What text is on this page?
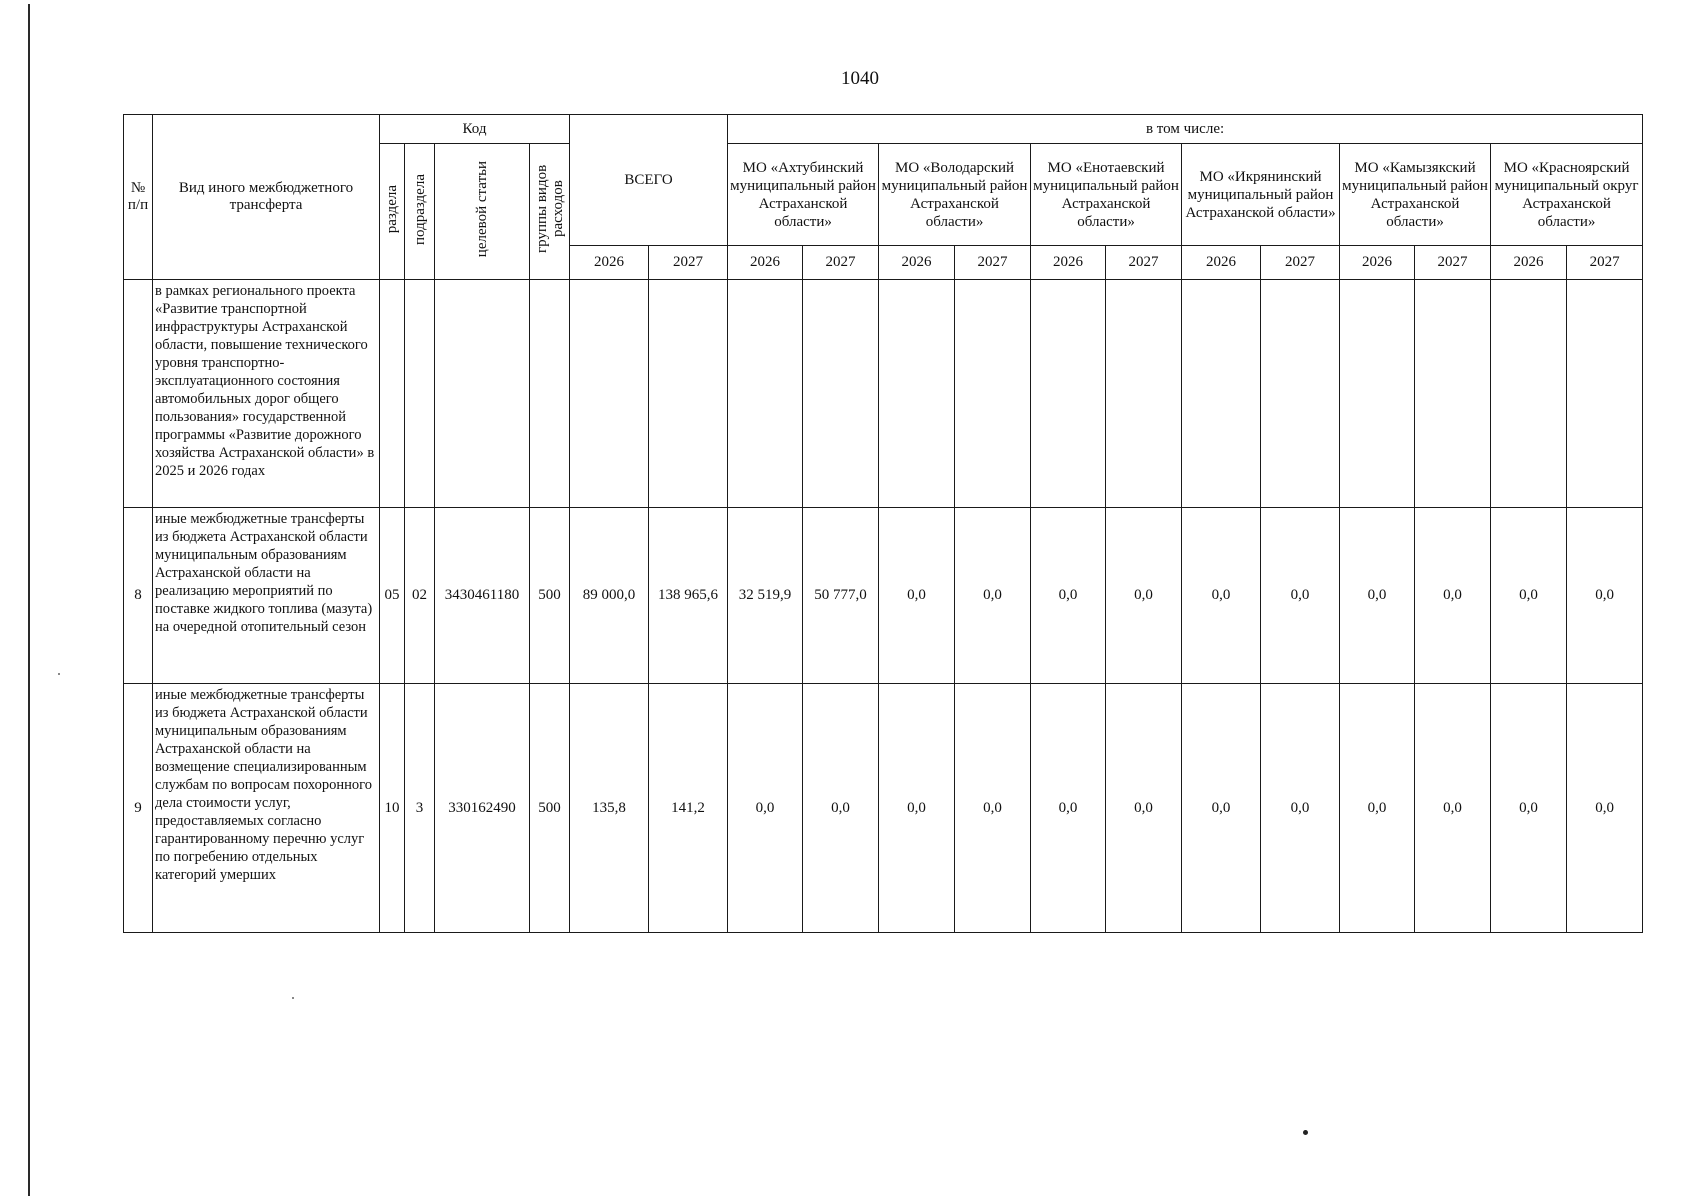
1040
№ п/п	Вид иного межбюджетного трансферта	Код				ВСЕГО		в том числе:											
		раздела	подраздела	целевой статьи	группы видов расходов			МО «Ахтубинский муниципальный район Астраханской области»		МО «Володарский муниципальный район Астраханской области»		МО «Енотаевский муниципальный район Астраханской области»		МО «Икрянинский муниципальный район Астраханской области»		МО «Камызякский муниципальный район Астраханской области»		МО «Красноярский муниципальный округ Астраханской области»	
						2026	2027	2026	2027	2026	2027	2026	2027	2026	2027	2026	2027	2026	2027
	в рамках регионального проекта «Развитие транспортной инфраструктуры Астраханской области, повышение технического уровня транспортно-эксплуатационного состояния автомобильных дорог общего пользования» государственной программы «Развитие дорожного хозяйства Астраханской области» в 2025 и 2026 годах																		
8	иные межбюджетные трансферты из бюджета Астраханской области муниципальным образованиям Астраханской области на реализацию мероприятий по поставке жидкого топлива (мазута) на очередной отопительный сезон	05	02	3430461180	500	89 000,0	138 965,6	32 519,9	50 777,0	0,0	0,0	0,0	0,0	0,0	0,0	0,0	0,0	0,0	0,0
9	иные межбюджетные трансферты из бюджета Астраханской области муниципальным образованиям Астраханской области на возмещение специализированным службам по вопросам похоронного дела стоимости услуг, предоставляемых согласно гарантированному перечню услуг по погребению отдельных категорий умерших	10	3	330162490	500	135,8	141,2	0,0	0,0	0,0	0,0	0,0	0,0	0,0	0,0	0,0	0,0	0,0	0,0
